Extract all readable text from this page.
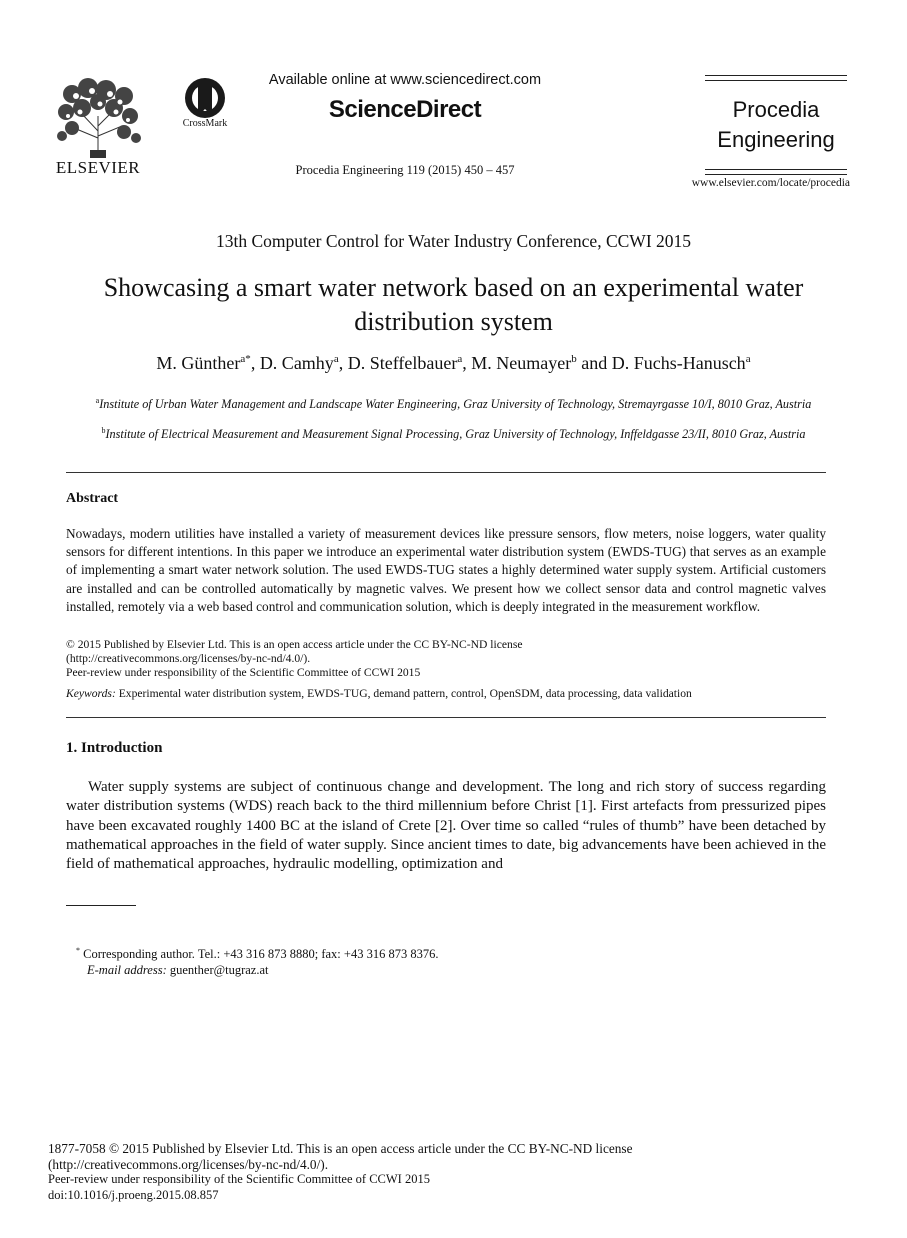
ELSEVIER
CrossMark
Available online at www.sciencedirect.com
ScienceDirect
Procedia Engineering 119 (2015) 450 – 457
Procedia
Engineering
www.elsevier.com/locate/procedia
13th Computer Control for Water Industry Conference, CCWI 2015
Showcasing a smart water network based on an experimental water
distribution system
M. Günther$^{a*}$, D. Camhy$^a$, D. Steffelbauer$^a$, M. Neumayer$^b$ and D. Fuchs-Hanusch$^a$
$^a$Institute of Urban Water Management and Landscape Water Engineering, Graz University of Technology, Stremayrgasse 10/I, 8010 Graz, Austria
$^b$Institute of Electrical Measurement and Measurement Signal Processing, Graz University of Technology, Inffeldgasse 23/II, 8010 Graz, Austria
Abstract
Nowadays, modern utilities have installed a variety of measurement devices like pressure sensors, flow meters, noise loggers, water quality sensors for different intentions. In this paper we introduce an experimental water distribution system (EWDS-TUG) that serves as an example of implementing a smart water network solution. The used EWDS-TUG states a highly determined water supply system. Artificial customers are installed and can be controlled automatically by magnetic valves. We present how we collect sensor data and control magnetic valves installed, remotely via a web based control and communication solution, which is deeply integrated in the measurement workflow.
© 2015 Published by Elsevier Ltd. This is an open access article under the CC BY-NC-ND license
(http://creativecommons.org/licenses/by-nc-nd/4.0/).
Peer-review under responsibility of the Scientific Committee of CCWI 2015
Keywords: Experimental water distribution system, EWDS-TUG, demand pattern, control, OpenSDM, data processing, data validation
1. Introduction
Water supply systems are subject of continuous change and development. The long and rich story of success regarding water distribution systems (WDS) reach back to the third millennium before Christ [1]. First artefacts from pressurized pipes have been excavated roughly 1400 BC at the island of Crete [2]. Over time so called “rules of thumb” have been detached by mathematical approaches in the field of water supply. Since ancient times to date, big advancements have been achieved in the field of mathematical approaches, hydraulic modelling, optimization and
* Corresponding author. Tel.: +43 316 873 8880; fax: +43 316 873 8376.
E-mail address: guenther@tugraz.at
1877-7058 © 2015 Published by Elsevier Ltd. This is an open access article under the CC BY-NC-ND license
(http://creativecommons.org/licenses/by-nc-nd/4.0/).
Peer-review under responsibility of the Scientific Committee of CCWI 2015
doi:10.1016/j.proeng.2015.08.857
